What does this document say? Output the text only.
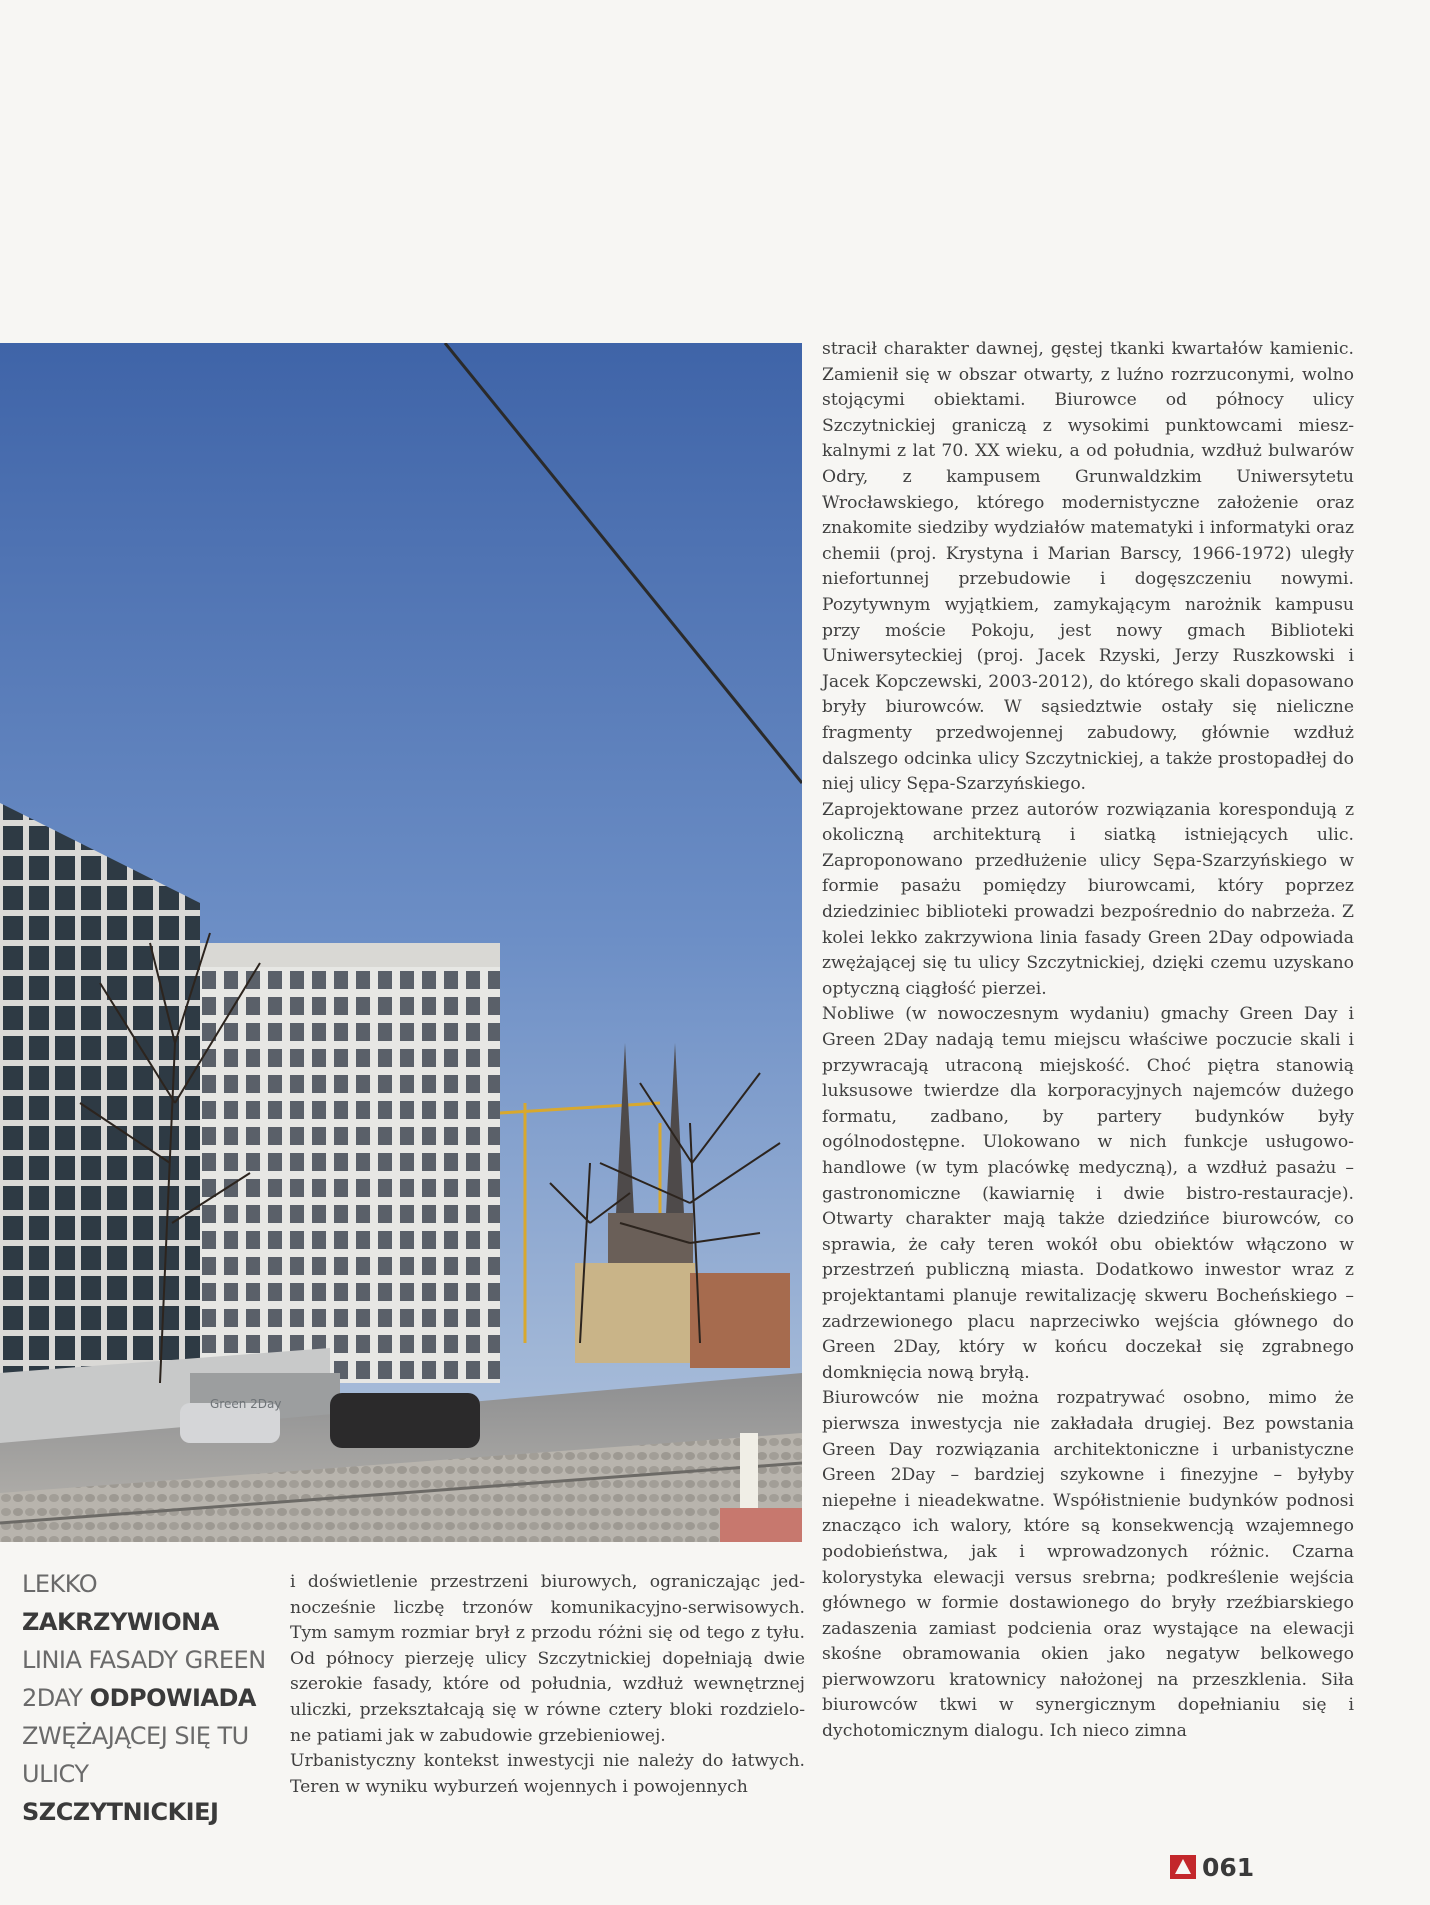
Green 2Day
LEKKO ZAKRZYWIONA LINIA FASADY GREEN 2DAY ODPOWIADA ZWĘŻAJĄCEJ SIĘ TU ULICY SZCZYTNICKIEJ

i doświetlenie przestrzeni biurowych, ograniczając jednocześnie liczbę trzonów komunikacyjno-serwisowych. Tym samym rozmiar brył z przodu różni się od tego z tyłu. Od północy pierzeję ulicy Szczytnickiej dopełniają dwie szerokie fasady, które od południa, wzdłuż wewnętrznej uliczki, przekształcają się w równe cztery bloki rozdzielone patiami jak w zabudowie grzebieniowej.

Urbanistyczny kontekst inwestycji nie należy do łatwych. Teren w wyniku wyburzeń wojennych i powojennych

stracił charakter dawnej, gęstej tkanki kwartałów kamienic. Zamienił się w obszar otwarty, z luźno rozrzuconymi, wolno stojącymi obiektami. Biurowce od północy ulicy Szczytnickiej graniczą z wysokimi punktowcami mieszkalnymi z lat 70. XX wieku, a od południa, wzdłuż bulwarów Odry, z kampusem Grunwaldzkim Uniwersytetu Wrocławskiego, którego modernistyczne założenie oraz znakomite siedziby wydziałów matematyki i informatyki oraz chemii (proj. Krystyna i Marian Barscy, 1966-1972) uległy niefortunnej przebudowie i dogęszczeniu nowymi. Pozytywnym wyjątkiem, zamykającym narożnik kampusu przy moście Pokoju, jest nowy gmach Biblioteki Uniwersyteckiej (proj. Jacek Rzyski, Jerzy Ruszkowski i Jacek Kopczewski, 2003-2012), do którego skali dopasowano bryły biurowców. W sąsiedztwie ostały się nieliczne fragmenty przedwojennej zabudowy, głównie wzdłuż dalszego odcinka ulicy Szczytnickiej, a także prostopadłej do niej ulicy Sępa-Szarzyńskiego.

Zaprojektowane przez autorów rozwiązania korespondują z okoliczną architekturą i siatką istniejących ulic. Zaproponowano przedłużenie ulicy Sępa-Szarzyńskiego w formie pasażu pomiędzy biurowcami, który poprzez dziedziniec biblioteki prowadzi bezpośrednio do nabrzeża. Z kolei lekko zakrzywiona linia fasady Green 2Day odpowiada zwężającej się tu ulicy Szczytnickiej, dzięki czemu uzyskano optyczną ciągłość pierzei.

Nobliwe (w nowoczesnym wydaniu) gmachy Green Day i Green 2Day nadają temu miejscu właściwe poczucie skali i przywracają utraconą miejskość. Choć piętra stanowią luksusowe twierdze dla korporacyjnych najemców dużego formatu, zadbano, by partery budynków były ogólnodostępne. Ulokowano w nich funkcje usługowo-handlowe (w tym placówkę medyczną), a wzdłuż pasażu – gastronomiczne (kawiarnię i dwie bistro-restauracje). Otwarty charakter mają także dziedzińce biurowców, co sprawia, że cały teren wokół obu obiektów włączono w przestrzeń publiczną miasta. Dodatkowo inwestor wraz z projektantami planuje rewitalizację skweru Bocheńskiego – zadrzewionego placu naprzeciwko wejścia głównego do Green 2Day, który w końcu doczekał się zgrabnego domknięcia nową bryłą.

Biurowców nie można rozpatrywać osobno, mimo że pierwsza inwestycja nie zakładała drugiej. Bez powstania Green Day rozwiązania architektoniczne i urbanistyczne Green 2Day – bardziej szykowne i finezyjne – byłyby niepełne i nieadekwatne. Współistnienie budynków podnosi znacząco ich walory, które są konsekwencją wzajemnego podobieństwa, jak i wprowadzonych różnic. Czarna kolorystyka elewacji versus srebrna; podkreślenie wejścia głównego w formie dostawionego do bryły rzeźbiarskiego zadaszenia zamiast podcienia oraz wystające na elewacji skośne obramowania okien jako negatyw belkowego pierwowzoru kratownicy nałożonej na przeszklenia. Siła biurowców tkwi w synergicznym dopełnianiu się i dychotomicznym dialogu. Ich nieco zimna

061
